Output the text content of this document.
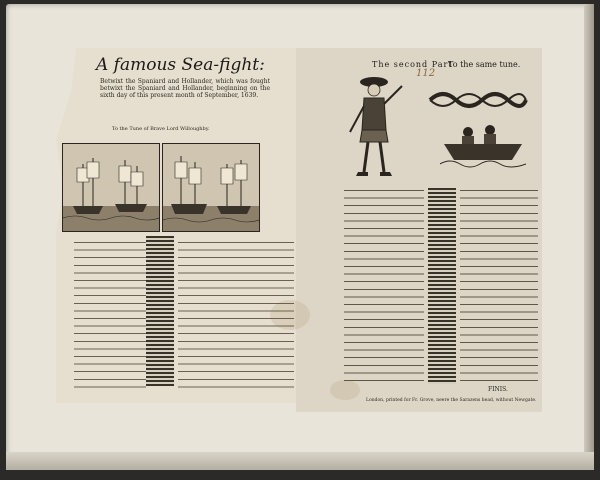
A famous Sea-fight:
Betwixt the Spaniard and Hollander, which was fought betwixt the Spaniard and Hollander, beginning on the sixth day of this present month of September, 1639.
To the Tune of Brave Lord Willoughby.
The second Part
112
To the same tune.
FINIS.
London, printed for Fr. Grove, neere the Sarazens head, without Newgate.
